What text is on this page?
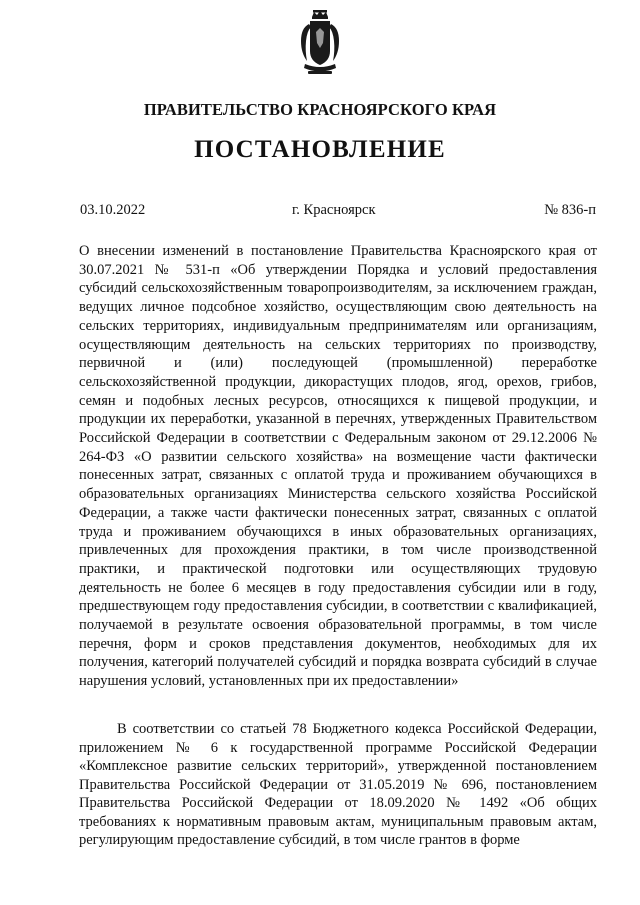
ПРАВИТЕЛЬСТВО КРАСНОЯРСКОГО КРАЯ
ПОСТАНОВЛЕНИЕ
03.10.2022	г. Красноярск	№ 836-п

О внесении изменений в постановление Правительства Красноярского края от 30.07.2021 № 531-п «Об утверждении Порядка и условий предоставления субсидий сельскохозяйственным товаропроизводителям, за исключением граждан, ведущих личное подсобное хозяйство, осуществляющим свою деятельность на сельских территориях, индивидуальным предпринимателям или организациям, осуществляющим деятельность на сельских территориях по производству, первичной и (или) последующей (промышленной) переработке сельскохозяйственной продукции, дикорастущих плодов, ягод, орехов, грибов, семян и подобных лесных ресурсов, относящихся к пищевой продукции, и продукции их переработки, указанной в перечнях, утвержденных Правительством Российской Федерации в соответствии с Федеральным законом от 29.12.2006 № 264-ФЗ «О развитии сельского хозяйства» на возмещение части фактически понесенных затрат, связанных с оплатой труда и проживанием обучающихся в образовательных организациях Министерства сельского хозяйства Российской Федерации, а также части фактически понесенных затрат, связанных с оплатой труда и проживанием обучающихся в иных образовательных организациях, привлеченных для прохождения практики, в том числе производственной практики, и практической подготовки или осуществляющих трудовую деятельность не более 6 месяцев в году предоставления субсидии или в году, предшествующем году предоставления субсидии, в соответствии с квалификацией, получаемой в результате освоения образовательной программы, в том числе перечня, форм и сроков представления документов, необходимых для их получения, категорий получателей субсидий и порядка возврата субсидий в случае нарушения условий, установленных при их предоставлении»

В соответствии со статьей 78 Бюджетного кодекса Российской Федерации, приложением № 6 к государственной программе Российской Федерации «Комплексное развитие сельских территорий», утвержденной постановлением Правительства Российской Федерации от 31.05.2019 № 696, постановлением Правительства Российской Федерации от 18.09.2020 № 1492 «Об общих требованиях к нормативным правовым актам, муниципальным правовым актам, регулирующим предоставление субсидий, в том числе грантов в форме
